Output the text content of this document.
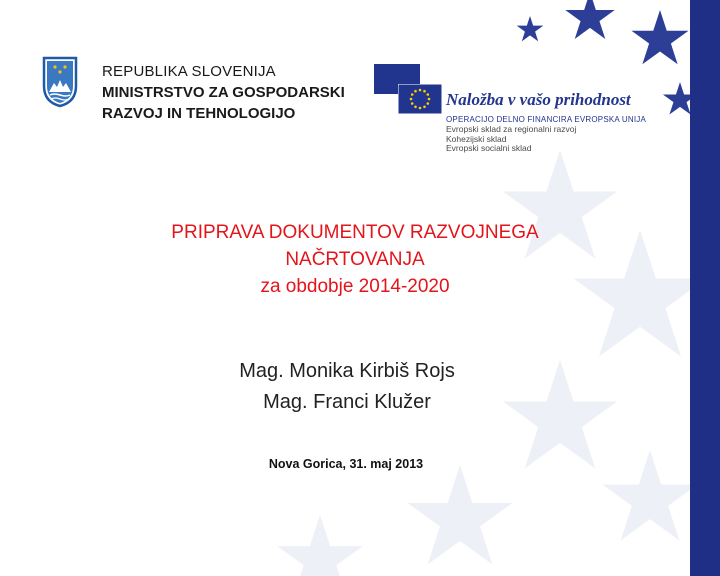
REPUBLIKA SLOVENIJA
MINISTRSTVO ZA GOSPODARSKI
RAZVOJ IN TEHNOLOGIJO
Naložba v vašo prihodnost
OPERACIJO DELNO FINANCIRA EVROPSKA UNIJA
Evropski sklad za regionalni razvoj
Kohezijski sklad
Evropski socialni sklad
PRIPRAVA DOKUMENTOV RAZVOJNEGA
NAČRTOVANJA
za obdobje 2014-2020
Mag. Monika Kirbiš Rojs
Mag. Franci Klužer
Nova Gorica, 31. maj 2013
